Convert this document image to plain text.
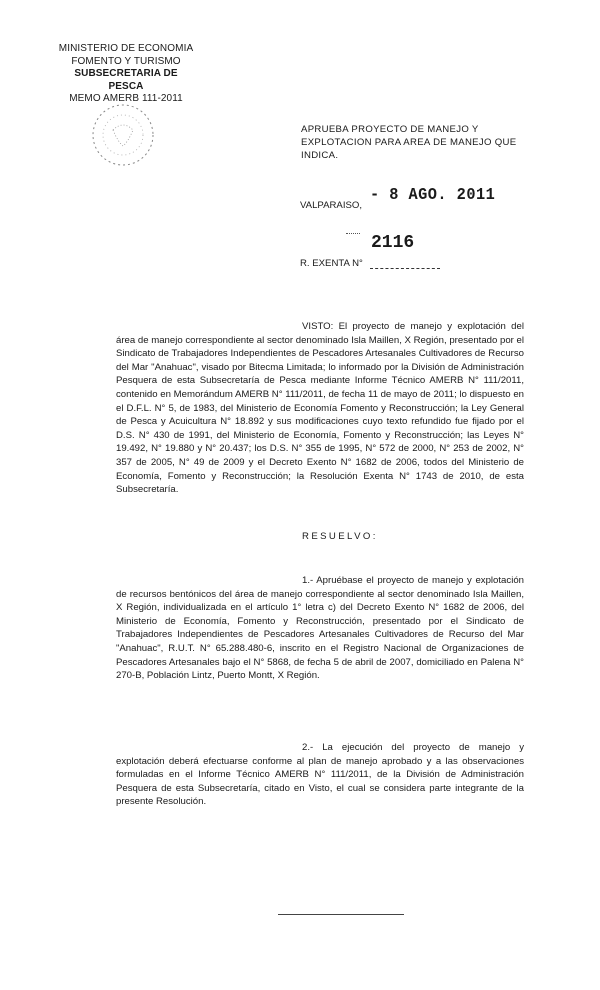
MINISTERIO DE ECONOMIA
FOMENTO Y TURISMO
SUBSECRETARIA DE PESCA
MEMO AMERB 111-2011
APRUEBA PROYECTO DE MANEJO Y EXPLOTACION PARA AREA DE MANEJO QUE INDICA.
VALPARAISO,
- 8 AGO. 2011
2116
R. EXENTA N°
VISTO: El proyecto de manejo y explotación del área de manejo correspondiente al sector denominado Isla Maillen, X Región, presentado por el Sindicato de Trabajadores Independientes de Pescadores Artesanales Cultivadores de Recurso del Mar "Anahuac", visado por Bitecma Limitada; lo informado por la División de Administración Pesquera de esta Subsecretaría de Pesca mediante Informe Técnico AMERB N° 111/2011, contenido en Memorándum AMERB N° 111/2011, de fecha 11 de mayo de 2011; lo dispuesto en el D.F.L. N° 5, de 1983, del Ministerio de Economía Fomento y Reconstrucción; la Ley General de Pesca y Acuicultura N° 18.892 y sus modificaciones cuyo texto refundido fue fijado por el D.S. N° 430 de 1991, del Ministerio de Economía, Fomento y Reconstrucción; las Leyes N° 19.492, N° 19.880 y N° 20.437; los D.S. N° 355 de 1995, N° 572 de 2000, N° 253 de 2002, N° 357 de 2005, N° 49 de 2009 y el Decreto Exento N° 1682 de 2006, todos del Ministerio de Economía, Fomento y Reconstrucción; la Resolución Exenta N° 1743 de 2010, de esta Subsecretaría.
RESUELVO:
1.- Apruébase el proyecto de manejo y explotación de recursos bentónicos del área de manejo correspondiente al sector denominado Isla Maillen, X Región, individualizada en el artículo 1° letra c) del Decreto Exento N° 1682 de 2006, del Ministerio de Economía, Fomento y Reconstrucción, presentado por el Sindicato de Trabajadores Independientes de Pescadores Artesanales Cultivadores de Recurso del Mar "Anahuac", R.U.T. N° 65.288.480-6, inscrito en el Registro Nacional de Organizaciones de Pescadores Artesanales bajo el N° 5868, de fecha 5 de abril de 2007, domiciliado en Palena N° 270-B, Población Lintz, Puerto Montt, X Región.
2.- La ejecución del proyecto de manejo y explotación deberá efectuarse conforme al plan de manejo aprobado y a las observaciones formuladas en el Informe Técnico AMERB N° 111/2011, de la División de Administración Pesquera de esta Subsecretaría, citado en Visto, el cual se considera parte integrante de la presente Resolución.
